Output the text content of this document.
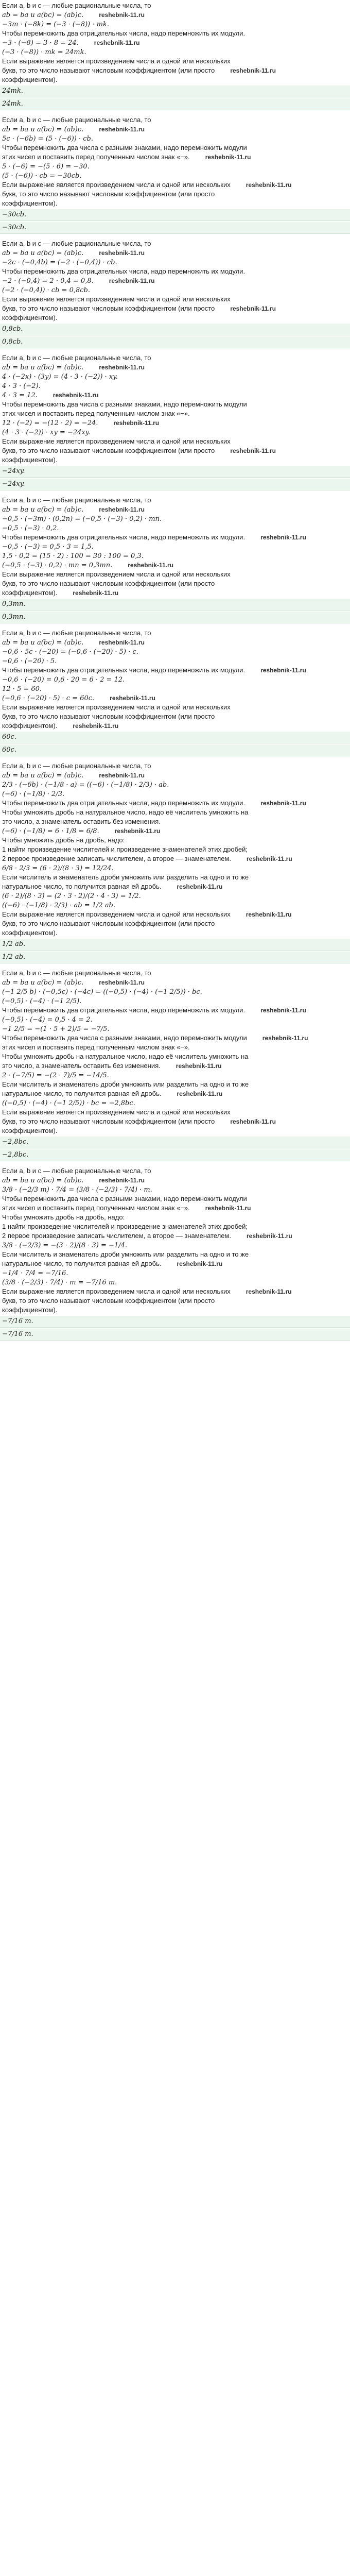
Если a, b и c — любые рациональные числа, то
ab = ba и a(bc) = (ab)c.	reshebnik-11.ru
−3m · (−8k) = (−3 · (−8)) · mk.
Чтобы перемножить два отрицательных числа, надо перемножить их модули.
−3 · (−8) = 3 · 8 = 24.	reshebnik-11.ru
(−3 · (−8)) · mk = 24mk.
Если выражение является произведением числа и одной или нескольких
букв, то это число называют числовым коэффициентом (или просто	reshebnik-11.ru
коэффициентом).
24mk.
24mk.
Если a, b и c — любые рациональные числа, то
ab = ba и a(bc) = (ab)c.	reshebnik-11.ru
5c · (−6b) = (5 · (−6)) · cb.
Чтобы перемножить два числа с разными знаками, надо перемножить модули
этих чисел и поставить перед полученным числом знак «−».	reshebnik-11.ru
5 · (−6) = −(5 · 6) = −30.
(5 · (−6)) · cb = −30cb.
Если выражение является произведением числа и одной или нескольких	reshebnik-11.ru
букв, то это число называют числовым коэффициентом (или просто
коэффициентом).
−30cb.
−30cb.
Если a, b и c — любые рациональные числа, то
ab = ba и a(bc) = (ab)c.	reshebnik-11.ru
−2c · (−0,4b) = (−2 · (−0,4)) · cb.
Чтобы перемножить два отрицательных числа, надо перемножить их модули.
−2 · (−0,4) = 2 · 0,4 = 0,8.	reshebnik-11.ru
(−2 · (−0,4)) · cb = 0,8cb.
Если выражение является произведением числа и одной или нескольких
букв, то это число называют числовым коэффициентом (или просто	reshebnik-11.ru
коэффициентом).
0,8cb.
0,8cb.
Если a, b и c — любые рациональные числа, то
ab = ba и a(bc) = (ab)c.	reshebnik-11.ru
4 · (−2x) · (3y) = (4 · 3 · (−2)) · xy.
4 · 3 · (−2).
4 · 3 = 12.	reshebnik-11.ru
Чтобы перемножить два числа с разными знаками, надо перемножить модули
этих чисел и поставить перед полученным числом знак «−».
12 · (−2) = −(12 · 2) = −24.	reshebnik-11.ru
(4 · 3 · (−2)) · xy = −24xy.
Если выражение является произведением числа и одной или нескольких
букв, то это число называют числовым коэффициентом (или просто	reshebnik-11.ru
коэффициентом).
−24xy.
−24xy.
Если a, b и c — любые рациональные числа, то
ab = ba и a(bc) = (ab)c.	reshebnik-11.ru
−0,5 · (−3m) · (0,2n) = (−0,5 · (−3) · 0,2) · mn.
−0,5 · (−3) · 0,2.
Чтобы перемножить два отрицательных числа, надо перемножить их модули.	reshebnik-11.ru
−0,5 · (−3) = 0,5 · 3 = 1,5.
1,5 · 0,2 = (15 · 2) : 100 = 30 : 100 = 0,3.
(−0,5 · (−3) · 0,2) · mn = 0,3mn.	reshebnik-11.ru
Если выражение является произведением числа и одной или нескольких
букв, то это число называют числовым коэффициентом (или просто
коэффициентом).	reshebnik-11.ru
0,3mn.
0,3mn.
Если a, b и c — любые рациональные числа, то
ab = ba и a(bc) = (ab)c.	reshebnik-11.ru
−0,6 · 5c · (−20) = (−0,6 · (−20) · 5) · c.
−0,6 · (−20) · 5.
Чтобы перемножить два отрицательных числа, надо перемножить их модули.	reshebnik-11.ru
−0,6 · (−20) = 0,6 · 20 = 6 · 2 = 12.
12 · 5 = 60.
(−0,6 · (−20) · 5) · c = 60c.	reshebnik-11.ru
Если выражение является произведением числа и одной или нескольких
букв, то это число называют числовым коэффициентом (или просто
коэффициентом).	reshebnik-11.ru
60c.
60c.
Если a, b и c — любые рациональные числа, то
ab = ba и a(bc) = (ab)c.	reshebnik-11.ru
2/3 · (−6b) · (−1/8 · a) = ((−6) · (−1/8) · 2/3) · ab.
(−6) · (−1/8) · 2/3.
Чтобы перемножить два отрицательных числа, надо перемножить их модули.	reshebnik-11.ru
Чтобы умножить дробь на натуральное число, надо её числитель умножить на
это число, а знаменатель оставить без изменения.
(−6) · (−1/8) = 6 · 1/8 = 6/8.	reshebnik-11.ru
Чтобы умножить дробь на дробь, надо:
1 найти произведение числителей и произведение знаменателей этих дробей;
2 первое произведение записать числителем, а второе — знаменателем.	reshebnik-11.ru
6/8 · 2/3 = (6 · 2)/(8 · 3) = 12/24.
Если числитель и знаменатель дроби умножить или разделить на одно и то же
натуральное число, то получится равная ей дробь.	reshebnik-11.ru
(6 · 2)/(8 · 3) = (2 · 3 · 2)/(2 · 4 · 3) = 1/2.
((−6) · (−1/8) · 2/3) · ab = 1/2 ab.
Если выражение является произведением числа и одной или нескольких	reshebnik-11.ru
букв, то это число называют числовым коэффициентом (или просто
коэффициентом).
1/2 ab.
1/2 ab.
Если a, b и c — любые рациональные числа, то
ab = ba и a(bc) = (ab)c.	reshebnik-11.ru
(−1 2/5 b) · (−0,5c) · (−4c) = ((−0,5) · (−4) · (−1 2/5)) · bc.
(−0,5) · (−4) · (−1 2/5).
Чтобы перемножить два отрицательных числа, надо перемножить их модули.	reshebnik-11.ru
(−0,5) · (−4) = 0,5 · 4 = 2.
−1 2/5 = −(1 · 5 + 2)/5 = −7/5.
Чтобы перемножить два числа с разными знаками, надо перемножить модули	reshebnik-11.ru
этих чисел и поставить перед полученным числом знак «−».
Чтобы умножить дробь на натуральное число, надо её числитель умножить на
это число, а знаменатель оставить без изменения.	reshebnik-11.ru
2 · (−7/5) = −(2 · 7)/5 = −14/5.
Если числитель и знаменатель дроби умножить или разделить на одно и то же
натуральное число, то получится равная ей дробь.	reshebnik-11.ru
((−0,5) · (−4) · (−1 2/5)) · bc = −2,8bc.
Если выражение является произведением числа и одной или нескольких
букв, то это число называют числовым коэффициентом (или просто	reshebnik-11.ru
коэффициентом).
−2,8bc.
−2,8bc.
Если a, b и c — любые рациональные числа, то
ab = ba и a(bc) = (ab)c.	reshebnik-11.ru
3/8 · (−2/3 m) · 7/4 = (3/8 · (−2/3) · 7/4) · m.
Чтобы перемножить два числа с разными знаками, надо перемножить модули
этих чисел и поставить перед полученным числом знак «−».	reshebnik-11.ru
Чтобы умножить дробь на дробь, надо:
1 найти произведение числителей и произведение знаменателей этих дробей;
2 первое произведение записать числителем, а второе — знаменателем.	reshebnik-11.ru
3/8 · (−2/3) = −(3 · 2)/(8 · 3) = −1/4.
Если числитель и знаменатель дроби умножить или разделить на одно и то же
натуральное число, то получится равная ей дробь.	reshebnik-11.ru
−1/4 · 7/4 = −7/16.
(3/8 · (−2/3) · 7/4) · m = −7/16 m.
Если выражение является произведением числа и одной или нескольких	reshebnik-11.ru
букв, то это число называют числовым коэффициентом (или просто
коэффициентом).
−7/16 m.
−7/16 m.
